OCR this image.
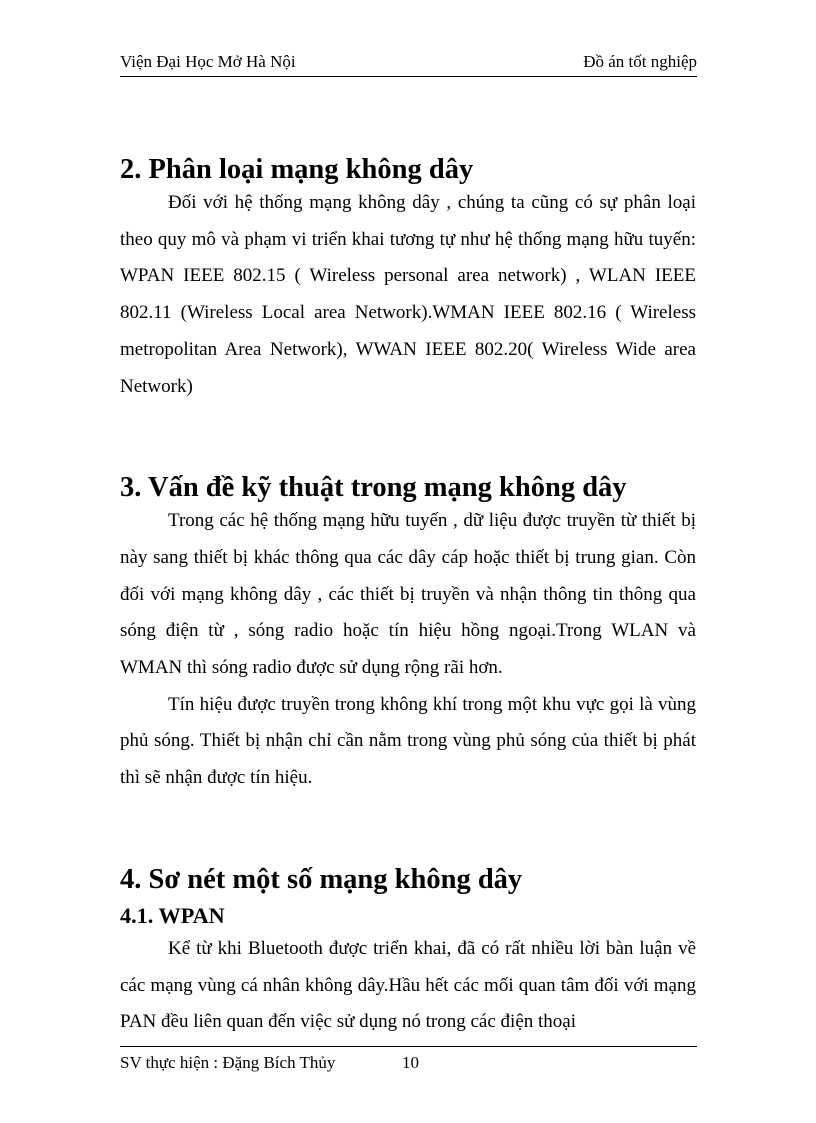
Viện Đại Học Mở Hà Nội	Đồ án tốt nghiệp
2. Phân loại mạng không dây

Đối với hệ thống mạng không dây , chúng ta cũng có sự phân loại theo quy mô và phạm vi triển khai tương tự như hệ thống mạng hữu tuyến: WPAN IEEE 802.15 ( Wireless personal area network) , WLAN IEEE 802.11 (Wireless Local area Network).WMAN IEEE 802.16 ( Wireless metropolitan Area Network), WWAN IEEE 802.20( Wireless Wide area Network)

3. Vấn đề kỹ thuật trong mạng không dây

Trong các hệ thống mạng hữu tuyến , dữ liệu được truyền từ thiết bị này sang thiết bị khác thông qua các dây cáp hoặc thiết bị trung gian. Còn đối với mạng không dây , các thiết bị truyền và nhận thông tin thông qua sóng điện từ , sóng radio hoặc tín hiệu hồng ngoại.Trong WLAN và WMAN thì sóng radio được sử dụng rộng rãi hơn.

Tín hiệu được truyền trong không khí trong một khu vực gọi là vùng phủ sóng. Thiết bị nhận chỉ cần nằm trong vùng phủ sóng của thiết bị phát thì sẽ nhận được tín hiệu.

4. Sơ nét một số mạng không dây
4.1. WPAN

Kể từ khi Bluetooth được triển khai, đã có rất nhiều lời bàn luận về các mạng vùng cá nhân không dây.Hầu hết các mối quan tâm đối với mạng PAN đều liên quan đến việc sử dụng nó trong các điện thoại

SV thực hiện : Đặng Bích Thủy	10
